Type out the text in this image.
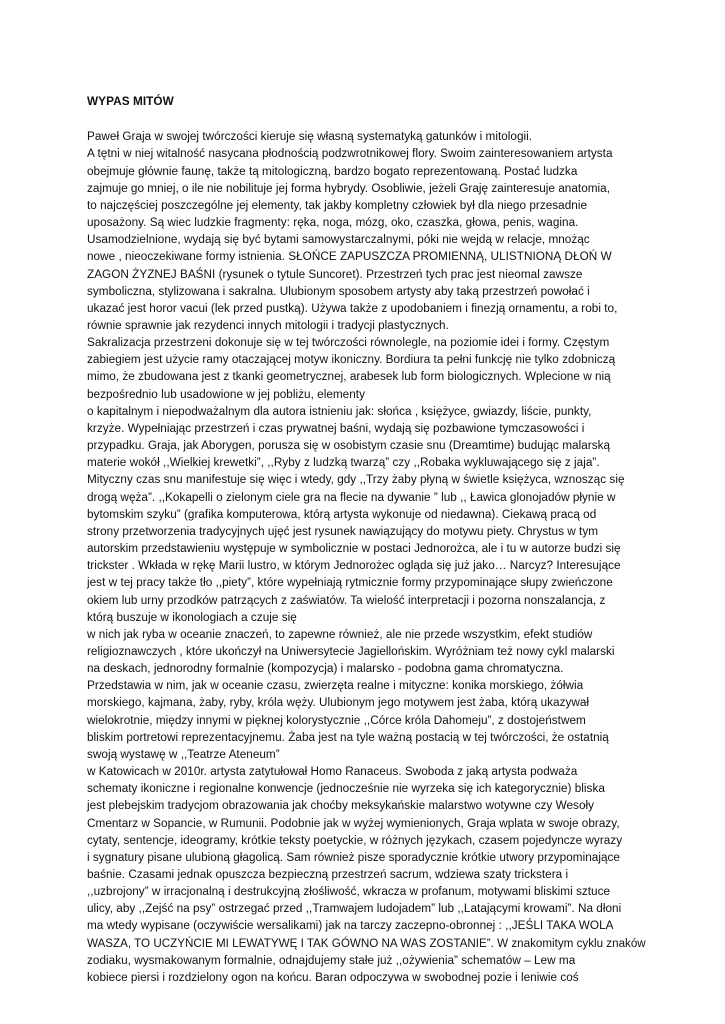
WYPAS MITÓW
Paweł Graja w swojej twórczości kieruje się własną systematyką gatunków i mitologii.
A tętni w niej witalność nasycana płodnością podzwrotnikowej flory. Swoim zainteresowaniem artysta
obejmuje głównie faunę, także tą mitologiczną, bardzo bogato reprezentowaną. Postać ludzka
zajmuje go mniej, o ile nie nobilituje jej forma hybrydy. Osobliwie, jeżeli Graję zainteresuje anatomia,
to najczęściej poszczególne jej elementy, tak jakby kompletny człowiek był dla niego przesadnie
uposażony. Są wiec ludzkie fragmenty: ręka, noga, mózg, oko, czaszka, głowa, penis, wagina.
Usamodzielnione, wydają się być bytami samowystarczalnymi, póki nie wejdą w relacje, mnożąc
nowe , nieoczekiwane formy istnienia. SŁOŃCE ZAPUSZCZA PROMIENNĄ, ULISTNIONĄ DŁOŃ W
ZAGON ŻYZNEJ BAŚNI (rysunek o tytule Suncoret). Przestrzeń tych prac jest nieomal zawsze
symboliczna, stylizowana i sakralna. Ulubionym sposobem artysty aby taką przestrzeń powołać i
ukazać jest horor vacui (lek przed pustką). Używa także z upodobaniem i finezją ornamentu, a robi to,
równie sprawnie jak rezydenci innych mitologii i tradycji plastycznych.
Sakralizacja przestrzeni dokonuje się w tej twórczości równolegle, na poziomie idei i formy. Częstym
zabiegiem jest użycie ramy otaczającej motyw ikoniczny. Bordiura ta pełni funkcję nie tylko zdobniczą
mimo, że zbudowana jest z tkanki geometrycznej, arabesek lub form biologicznych. Wplecione w nią
bezpośrednio lub usadowione w jej pobliżu, elementy
o kapitalnym i niepodważalnym dla autora istnieniu jak: słońca , księżyce, gwiazdy, liście, punkty,
krzyże. Wypełniając przestrzeń i czas prywatnej baśni, wydają się pozbawione tymczasowości i
przypadku. Graja, jak Aborygen, porusza się w osobistym czasie snu (Dreamtime) budując malarską
materie wokół ,,Wielkiej krewetki”, ,,Ryby z ludzką twarzą” czy ,,Robaka wykluwającego się z jaja”.
Mityczny czas snu manifestuje się więc i wtedy, gdy ,,Trzy żaby płyną w świetle księżyca, wznosząc się
drogą węża”. ,,Kokapelli o zielonym ciele gra na flecie na dywanie ” lub ,, Ławica glonojadów płynie w
bytomskim szyku” (grafika komputerowa, którą artysta wykonuje od niedawna). Ciekawą pracą od
strony przetworzenia tradycyjnych ujęć jest rysunek nawiązujący do motywu piety. Chrystus w tym
autorskim przedstawieniu występuje w symbolicznie w postaci Jednorożca, ale i tu w autorze budzi się
trickster . Wkłada w rękę Marii lustro, w którym Jednorożec ogląda się już jako… Narcyz? Interesujące
jest w tej pracy także tło ,,piety”, które wypełniają rytmicznie formy przypominające słupy zwieńczone
okiem lub urny przodków patrzących z zaświatów. Ta wielość interpretacji i pozorna nonszalancja, z
którą buszuje w ikonologiach a czuje się
w nich jak ryba w oceanie znaczeń, to zapewne również, ale nie przede wszystkim, efekt studiów
religioznawczych , które ukończył na Uniwersytecie Jagiellońskim. Wyróżniam też nowy cykl malarski
na deskach, jednorodny formalnie (kompozycja) i malarsko - podobna gama chromatyczna.
Przedstawia w nim, jak w oceanie czasu, zwierzęta realne i mityczne: konika morskiego, żółwia
morskiego, kajmana, żaby, ryby, króla węży. Ulubionym jego motywem jest żaba, którą ukazywał
wielokrotnie, między innymi w pięknej kolorystycznie ,,Córce króla Dahomeju”, z dostojeństwem
bliskim portretowi reprezentacyjnemu. Żaba jest na tyle ważną postacią w tej twórczości, że ostatnią
swoją wystawę w ,,Teatrze Ateneum”
w Katowicach w 2010r. artysta zatytułował Homo Ranaceus. Swoboda z jaką artysta podważa
schematy ikoniczne i regionalne konwencje (jednocześnie nie wyrzeka się ich kategorycznie) bliska
jest plebejskim tradycjom obrazowania jak choćby meksykańskie malarstwo wotywne czy Wesoły
Cmentarz w Sopancie, w Rumunii. Podobnie jak w wyżej wymienionych, Graja wplata w swoje obrazy,
cytaty, sentencje, ideogramy, krótkie teksty poetyckie, w różnych językach, czasem pojedyncze wyrazy
i sygnatury pisane ulubioną głagolicą. Sam również pisze sporadycznie krótkie utwory przypominające
baśnie. Czasami jednak opuszcza bezpieczną przestrzeń sacrum, wdziewa szaty trickstera i
,,uzbrojony” w irracjonalną i destrukcyjną złośliwość, wkracza w profanum, motywami bliskimi sztuce
ulicy, aby ,,Zejść na psy” ostrzegać przed ,,Tramwajem ludojadem” lub ,,Latającymi krowami”. Na dłoni
ma wtedy wypisane (oczywiście wersalikami) jak na tarczy zaczepno-obronnej : ,,JEŚLI TAKA WOLA
WASZA, TO UCZYŃCIE MI LEWATYWĘ I TAK GÓWNO NA WAS ZOSTANIE”. W znakomitym cyklu znaków
zodiaku, wysmakowanym formalnie, odnajdujemy stałe już ,,ożywienia” schematów – Lew ma
kobiece piersi i rozdzielony ogon na końcu. Baran odpoczywa w swobodnej pozie i leniwie coś
